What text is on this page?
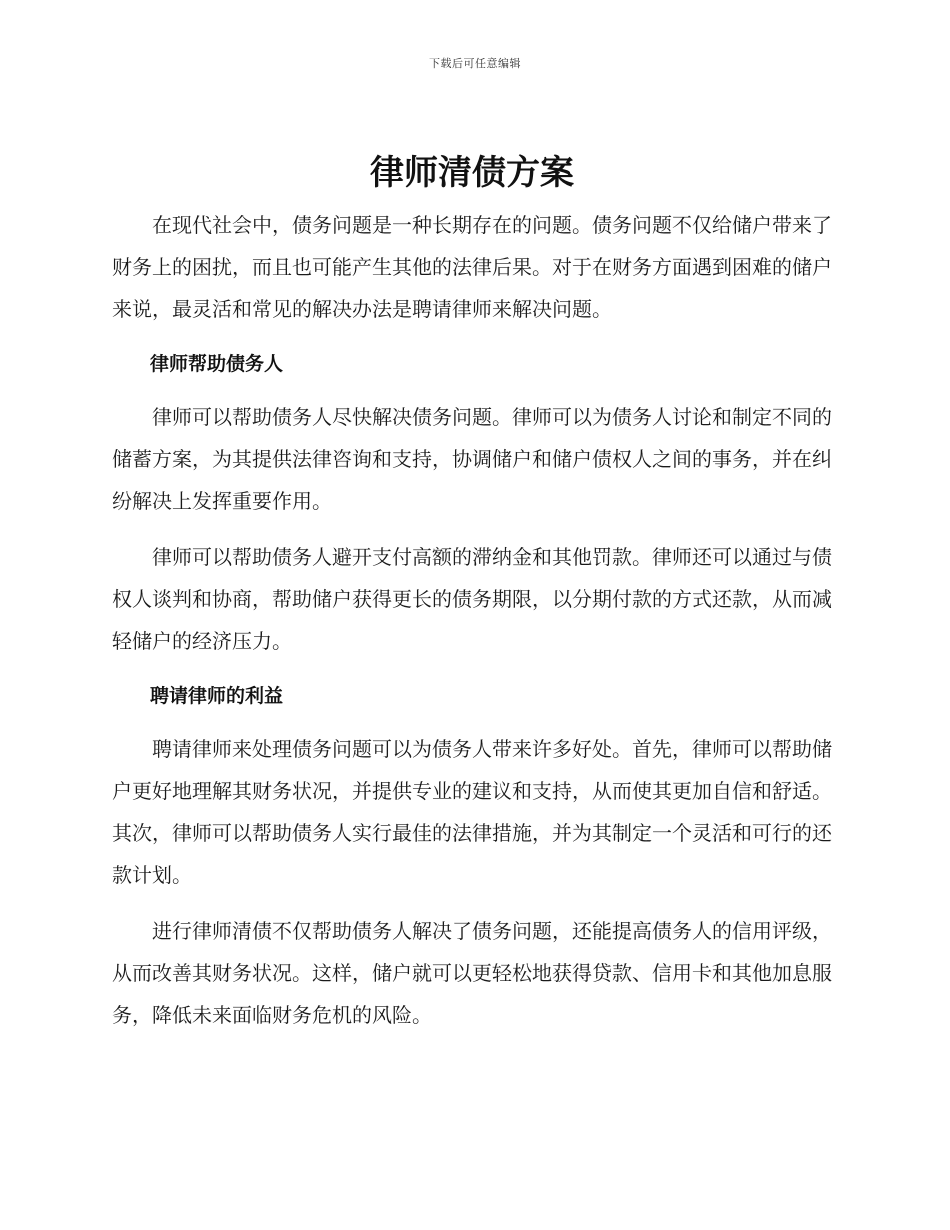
下载后可任意编辑
律师清债方案

在现代社会中，债务问题是一种长期存在的问题。债务问题不仅给储户带来了财务上的困扰，而且也可能产生其他的法律后果。对于在财务方面遇到困难的储户来说，最灵活和常见的解决办法是聘请律师来解决问题。

律师帮助债务人

律师可以帮助债务人尽快解决债务问题。律师可以为债务人讨论和制定不同的储蓄方案，为其提供法律咨询和支持，协调储户和储户债权人之间的事务，并在纠纷解决上发挥重要作用。

律师可以帮助债务人避开支付高额的滞纳金和其他罚款。律师还可以通过与债权人谈判和协商，帮助储户获得更长的债务期限，以分期付款的方式还款，从而减轻储户的经济压力。

聘请律师的利益

聘请律师来处理债务问题可以为债务人带来许多好处。首先，律师可以帮助储户更好地理解其财务状况，并提供专业的建议和支持，从而使其更加自信和舒适。其次，律师可以帮助债务人实行最佳的法律措施，并为其制定一个灵活和可行的还款计划。

进行律师清债不仅帮助债务人解决了债务问题，还能提高债务人的信用评级，从而改善其财务状况。这样，储户就可以更轻松地获得贷款、信用卡和其他加息服务，降低未来面临财务危机的风险。
